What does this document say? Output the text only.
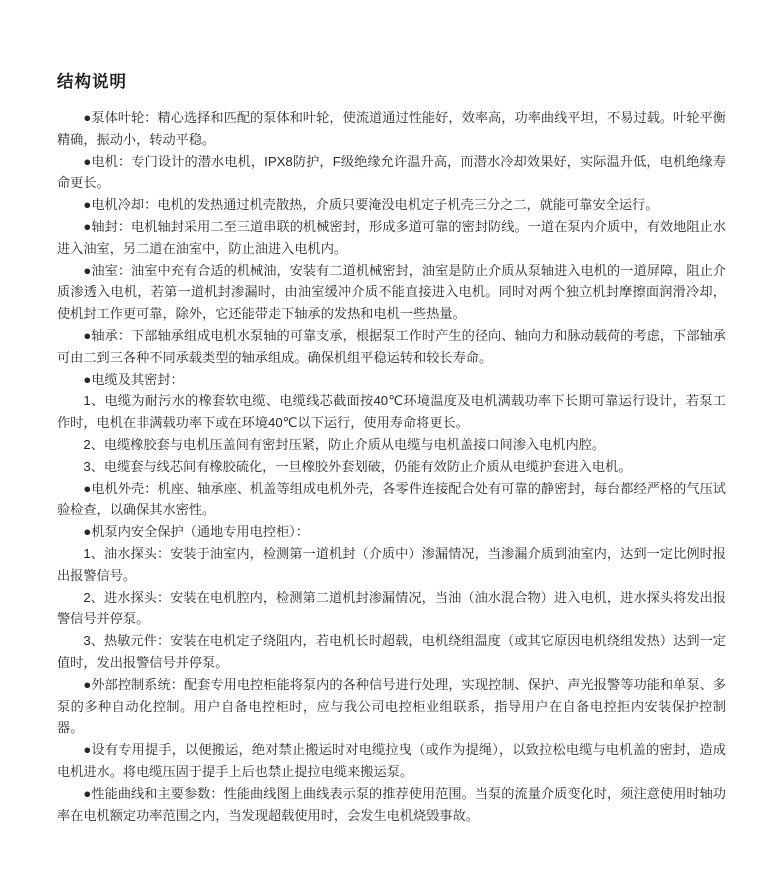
结构说明

●泵体叶轮：精心选择和匹配的泵体和叶轮，使流道通过性能好，效率高，功率曲线平坦，不易过载。叶轮平衡精确，振动小，转动平稳。

●电机：专门设计的潜水电机，IPX8防护，F级绝缘允许温升高，而潜水冷却效果好，实际温升低，电机绝缘寿命更长。

●电机冷却：电机的发热通过机壳散热，介质只要淹没电机定子机壳三分之二，就能可靠安全运行。

●轴封：电机轴封采用二至三道串联的机械密封，形成多道可靠的密封防线。一道在泵内介质中，有效地阻止水进入油室，另二道在油室中，防止油进入电机内。

●油室：油室中充有合适的机械油，安装有二道机械密封，油室是防止介质从泵轴进入电机的一道屏障，阻止介质渗透入电机，若第一道机封渗漏时，由油室缓冲介质不能直接进入电机。同时对两个独立机封摩擦面润滑冷却，使机封工作更可靠，除外，它还能带走下轴承的发热和电机一些热量。

●轴承：下部轴承组成电机水泵轴的可靠支承，根据泵工作时产生的径向、轴向力和脉动载荷的考虑，下部轴承可由二到三各种不同承载类型的轴承组成。确保机组平稳运转和较长寿命。

●电缆及其密封：

1、电缆为耐污水的橡套软电缆、电缆线芯截面按40℃环境温度及电机满载功率下长期可靠运行设计，若泵工作时，电机在非满载功率下或在环境40℃以下运行，使用寿命将更长。

2、电缆橡胶套与电机压盖间有密封压紧，防止介质从电缆与电机盖接口间渗入电机内腔。

3、电缆套与线芯间有橡胶硫化，一旦橡胶外套划破，仍能有效防止介质从电缆护套进入电机。

●电机外壳：机座、轴承座、机盖等组成电机外壳，各零件连接配合处有可靠的静密封，每台都经严格的气压试验检查，以确保其水密性。

●机泵内安全保护（通地专用电控柜）：

1、油水探头：安装于油室内，检测第一道机封（介质中）渗漏情况，当渗漏介质到油室内，达到一定比例时报出报警信号。

2、进水探头：安装在电机腔内，检测第二道机封渗漏情况，当油（油水混合物）进入电机，进水探头将发出报警信号并停泵。

3、热敏元件：安装在电机定子绕阻内，若电机长时超载，电机绕组温度（或其它原因电机绕组发热）达到一定值时，发出报警信号并停泵。

●外部控制系统：配套专用电控柜能将泵内的各种信号进行处理，实现控制、保护、声光报警等功能和单泵、多泵的多种自动化控制。用户自备电控柜时，应与我公司电控柜业组联系，指导用户在自备电控拒内安装保护控制器。

●设有专用提手，以便搬运，绝对禁止搬运时对电缆拉曳（或作为提绳），以致拉松电缆与电机盖的密封，造成电机进水。将电缆压固于提手上后也禁止提拉电缆来搬运泵。

●性能曲线和主要参数：性能曲线图上曲线表示泵的推荐使用范围。当泵的流量介质变化时，须注意使用时轴功率在电机额定功率范围之内，当发现超载使用时，会发生电机烧毁事故。
